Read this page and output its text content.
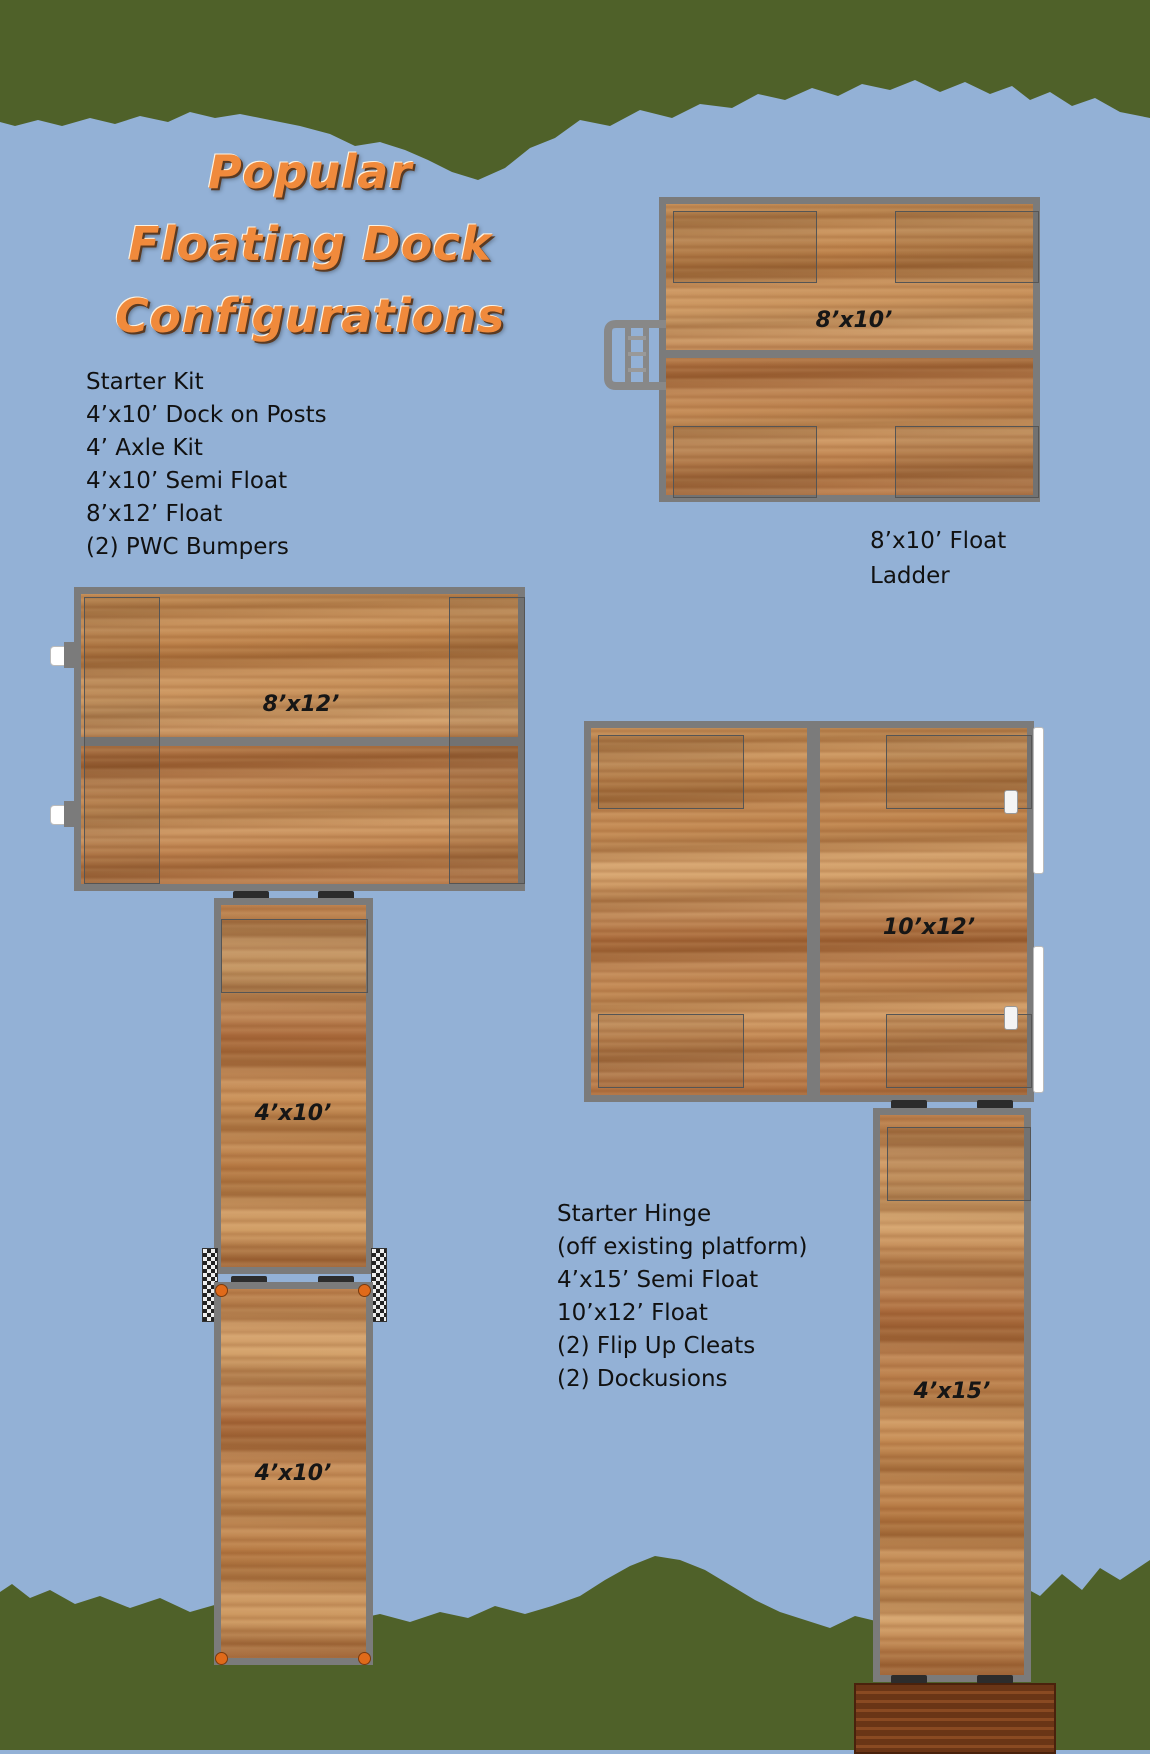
Popular
Floating Dock
Configurations
Starter Kit
4’x10’ Dock on Posts
4’ Axle Kit
4’x10’ Semi Float
8’x12’ Float
(2) PWC Bumpers
8’x10’
8’x10’ Float
Ladder
8’x12’
4’x10’
4’x10’
10’x12’
4’x15’
Starter Hinge
(off existing platform)
4’x15’ Semi Float
10’x12’ Float
(2) Flip Up Cleats
(2) Dockusions
